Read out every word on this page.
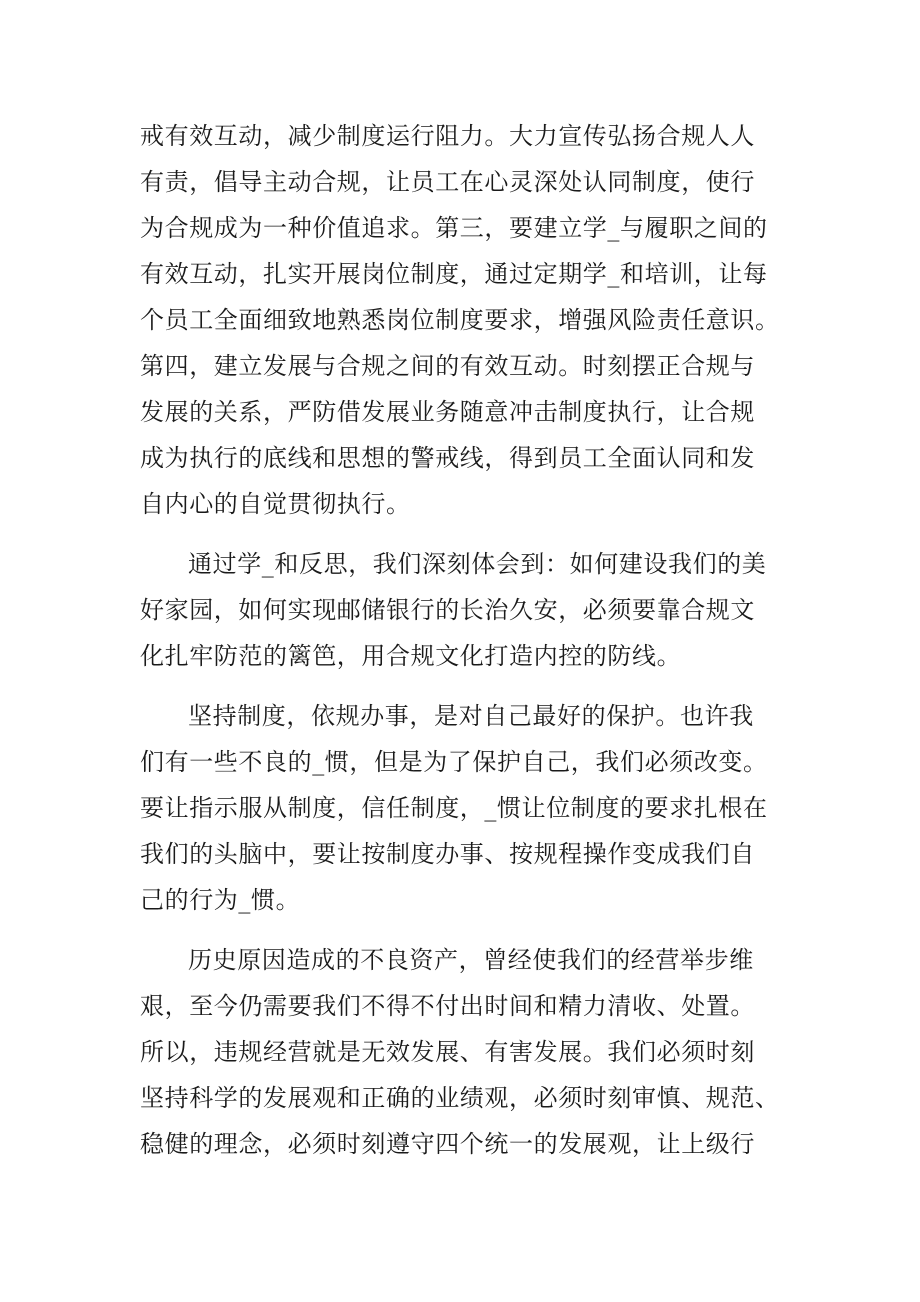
戒有效互动，减少制度运行阻力。大力宣传弘扬合规人人
有责，倡导主动合规，让员工在心灵深处认同制度，使行
为合规成为一种价值追求。第三，要建立学_与履职之间的
有效互动，扎实开展岗位制度，通过定期学_和培训，让每
个员工全面细致地熟悉岗位制度要求，增强风险责任意识。
第四，建立发展与合规之间的有效互动。时刻摆正合规与
发展的关系，严防借发展业务随意冲击制度执行，让合规
成为执行的底线和思想的警戒线，得到员工全面认同和发
自内心的自觉贯彻执行。
通过学_和反思，我们深刻体会到：如何建设我们的美
好家园，如何实现邮储银行的长治久安，必须要靠合规文
化扎牢防范的篱笆，用合规文化打造内控的防线。
坚持制度，依规办事，是对自己最好的保护。也许我
们有一些不良的_惯，但是为了保护自己，我们必须改变。
要让指示服从制度，信任制度，_惯让位制度的要求扎根在
我们的头脑中，要让按制度办事、按规程操作变成我们自
己的行为_惯。
历史原因造成的不良资产，曾经使我们的经营举步维
艰，至今仍需要我们不得不付出时间和精力清收、处置。
所以，违规经营就是无效发展、有害发展。我们必须时刻
坚持科学的发展观和正确的业绩观，必须时刻审慎、规范、
稳健的理念，必须时刻遵守四个统一的发展观，让上级行
